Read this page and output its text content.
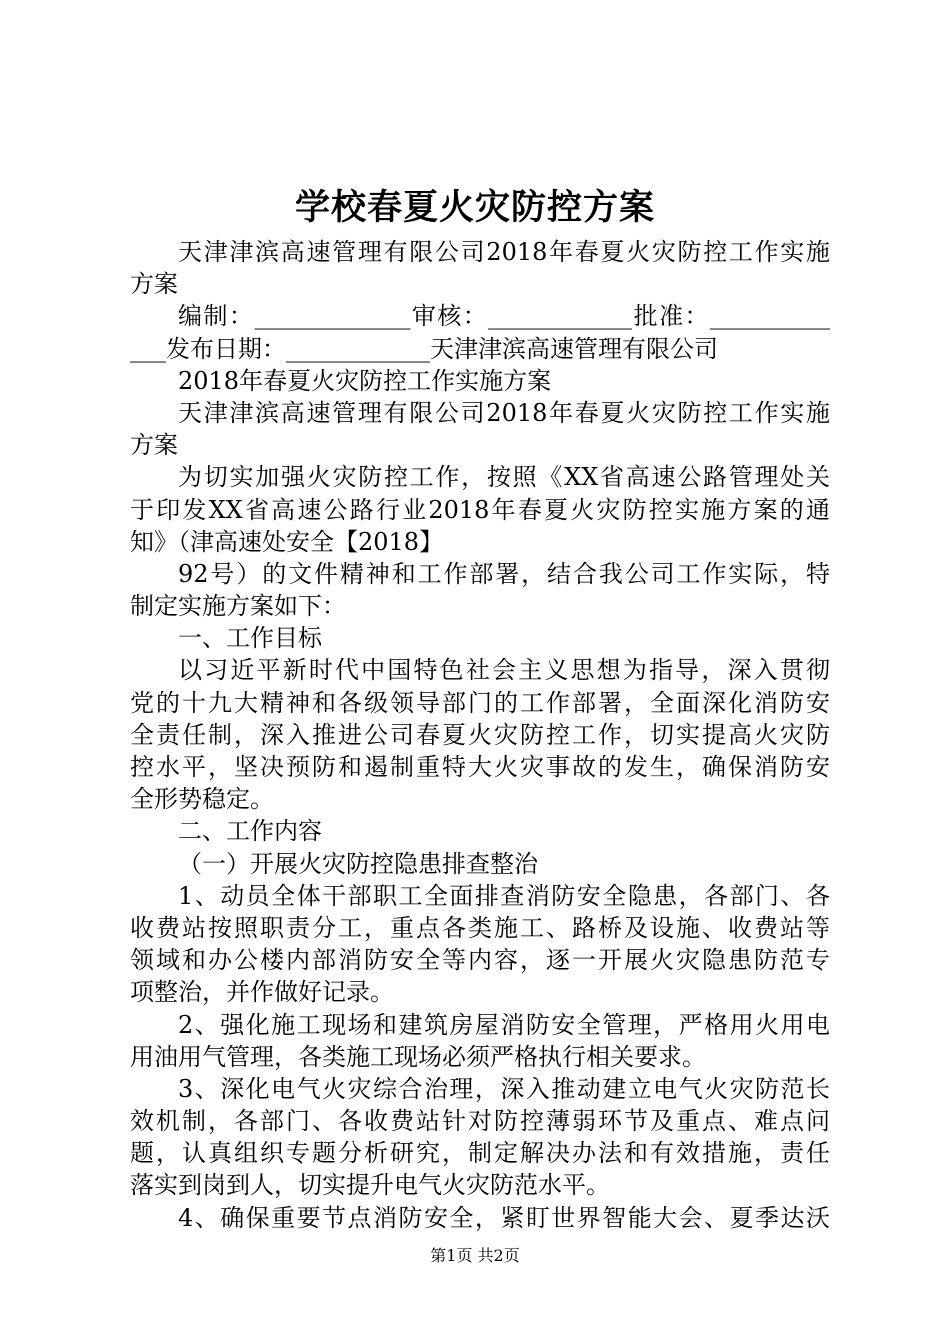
学校春夏火灾防控方案
天津津滨高速管理有限公司2018年春夏火灾防控工作实施
方案
编制：_____________审核：____________批准：__________
___发布日期：____________天津津滨高速管理有限公司
2018年春夏火灾防控工作实施方案
天津津滨高速管理有限公司2018年春夏火灾防控工作实施
方案
为切实加强火灾防控工作，按照《XX省高速公路管理处关
于印发XX省高速公路行业2018年春夏火灾防控实施方案的通
知》（津高速处安全【2018】
92号）的文件精神和工作部署，结合我公司工作实际，特
制定实施方案如下：
一、工作目标
以习近平新时代中国特色社会主义思想为指导，深入贯彻
党的十九大精神和各级领导部门的工作部署，全面深化消防安
全责任制，深入推进公司春夏火灾防控工作，切实提高火灾防
控水平，坚决预防和遏制重特大火灾事故的发生，确保消防安
全形势稳定。
二、工作内容
（一）开展火灾防控隐患排查整治
1、动员全体干部职工全面排查消防安全隐患，各部门、各
收费站按照职责分工，重点各类施工、路桥及设施、收费站等
领域和办公楼内部消防安全等内容，逐一开展火灾隐患防范专
项整治，并作做好记录。
2、强化施工现场和建筑房屋消防安全管理，严格用火用电
用油用气管理，各类施工现场必须严格执行相关要求。
3、深化电气火灾综合治理，深入推动建立电气火灾防范长
效机制，各部门、各收费站针对防控薄弱环节及重点、难点问
题，认真组织专题分析研究，制定解决办法和有效措施，责任
落实到岗到人，切实提升电气火灾防范水平。
4、确保重要节点消防安全，紧盯世界智能大会、夏季达沃
第1页 共2页
